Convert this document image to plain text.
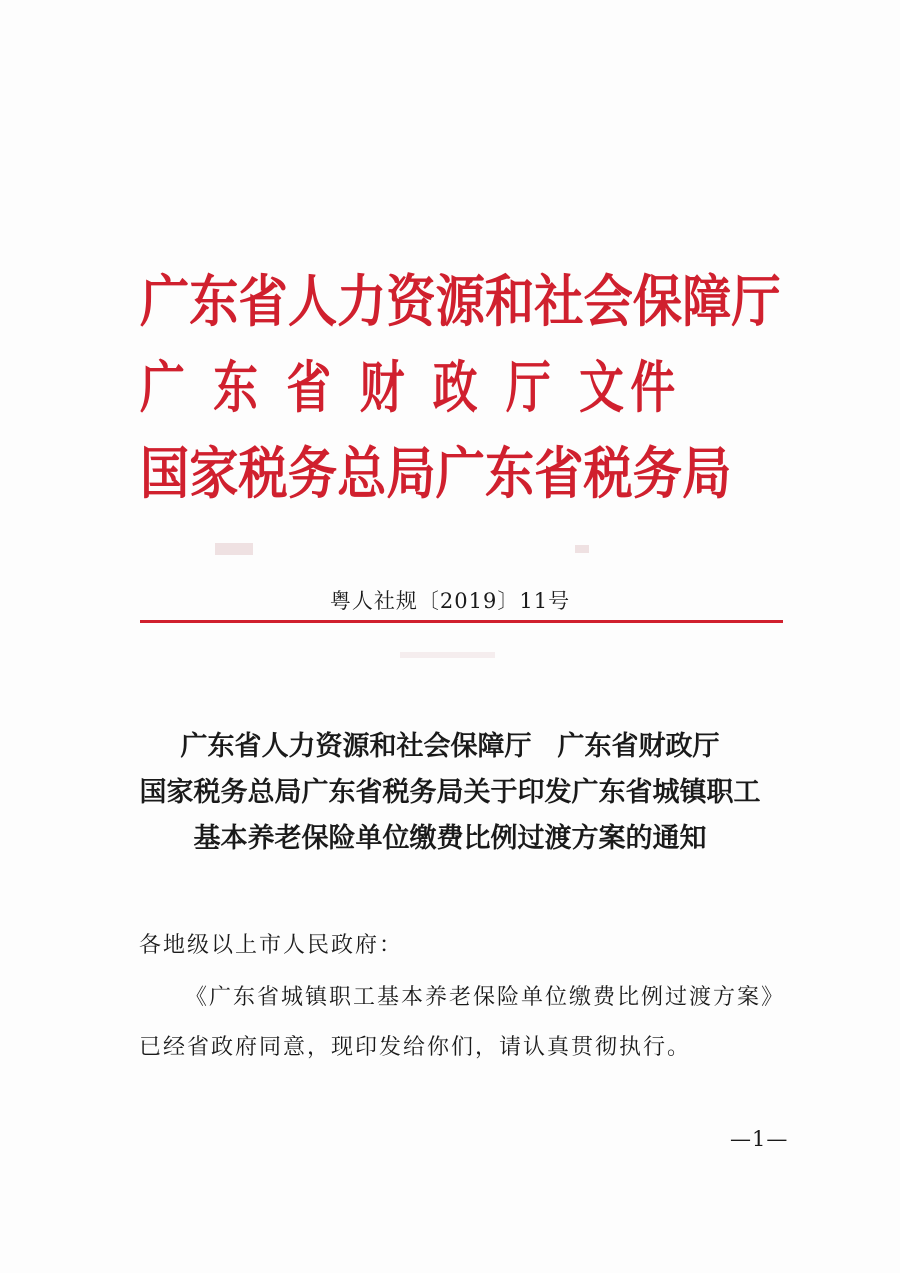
广东省人力资源和社会保障厅

广 东 省 财 政 厅 文件

国家税务总局广东省税务局

粤人社规〔2019〕11号
广东省人力资源和社会保障厅 广东省财政厅
国家税务总局广东省税务局关于印发广东省城镇职工
基本养老保险单位缴费比例过渡方案的通知
各地级以上市人民政府：
《广东省城镇职工基本养老保险单位缴费比例过渡方案》已经省政府同意，现印发给你们，请认真贯彻执行。
—1—
